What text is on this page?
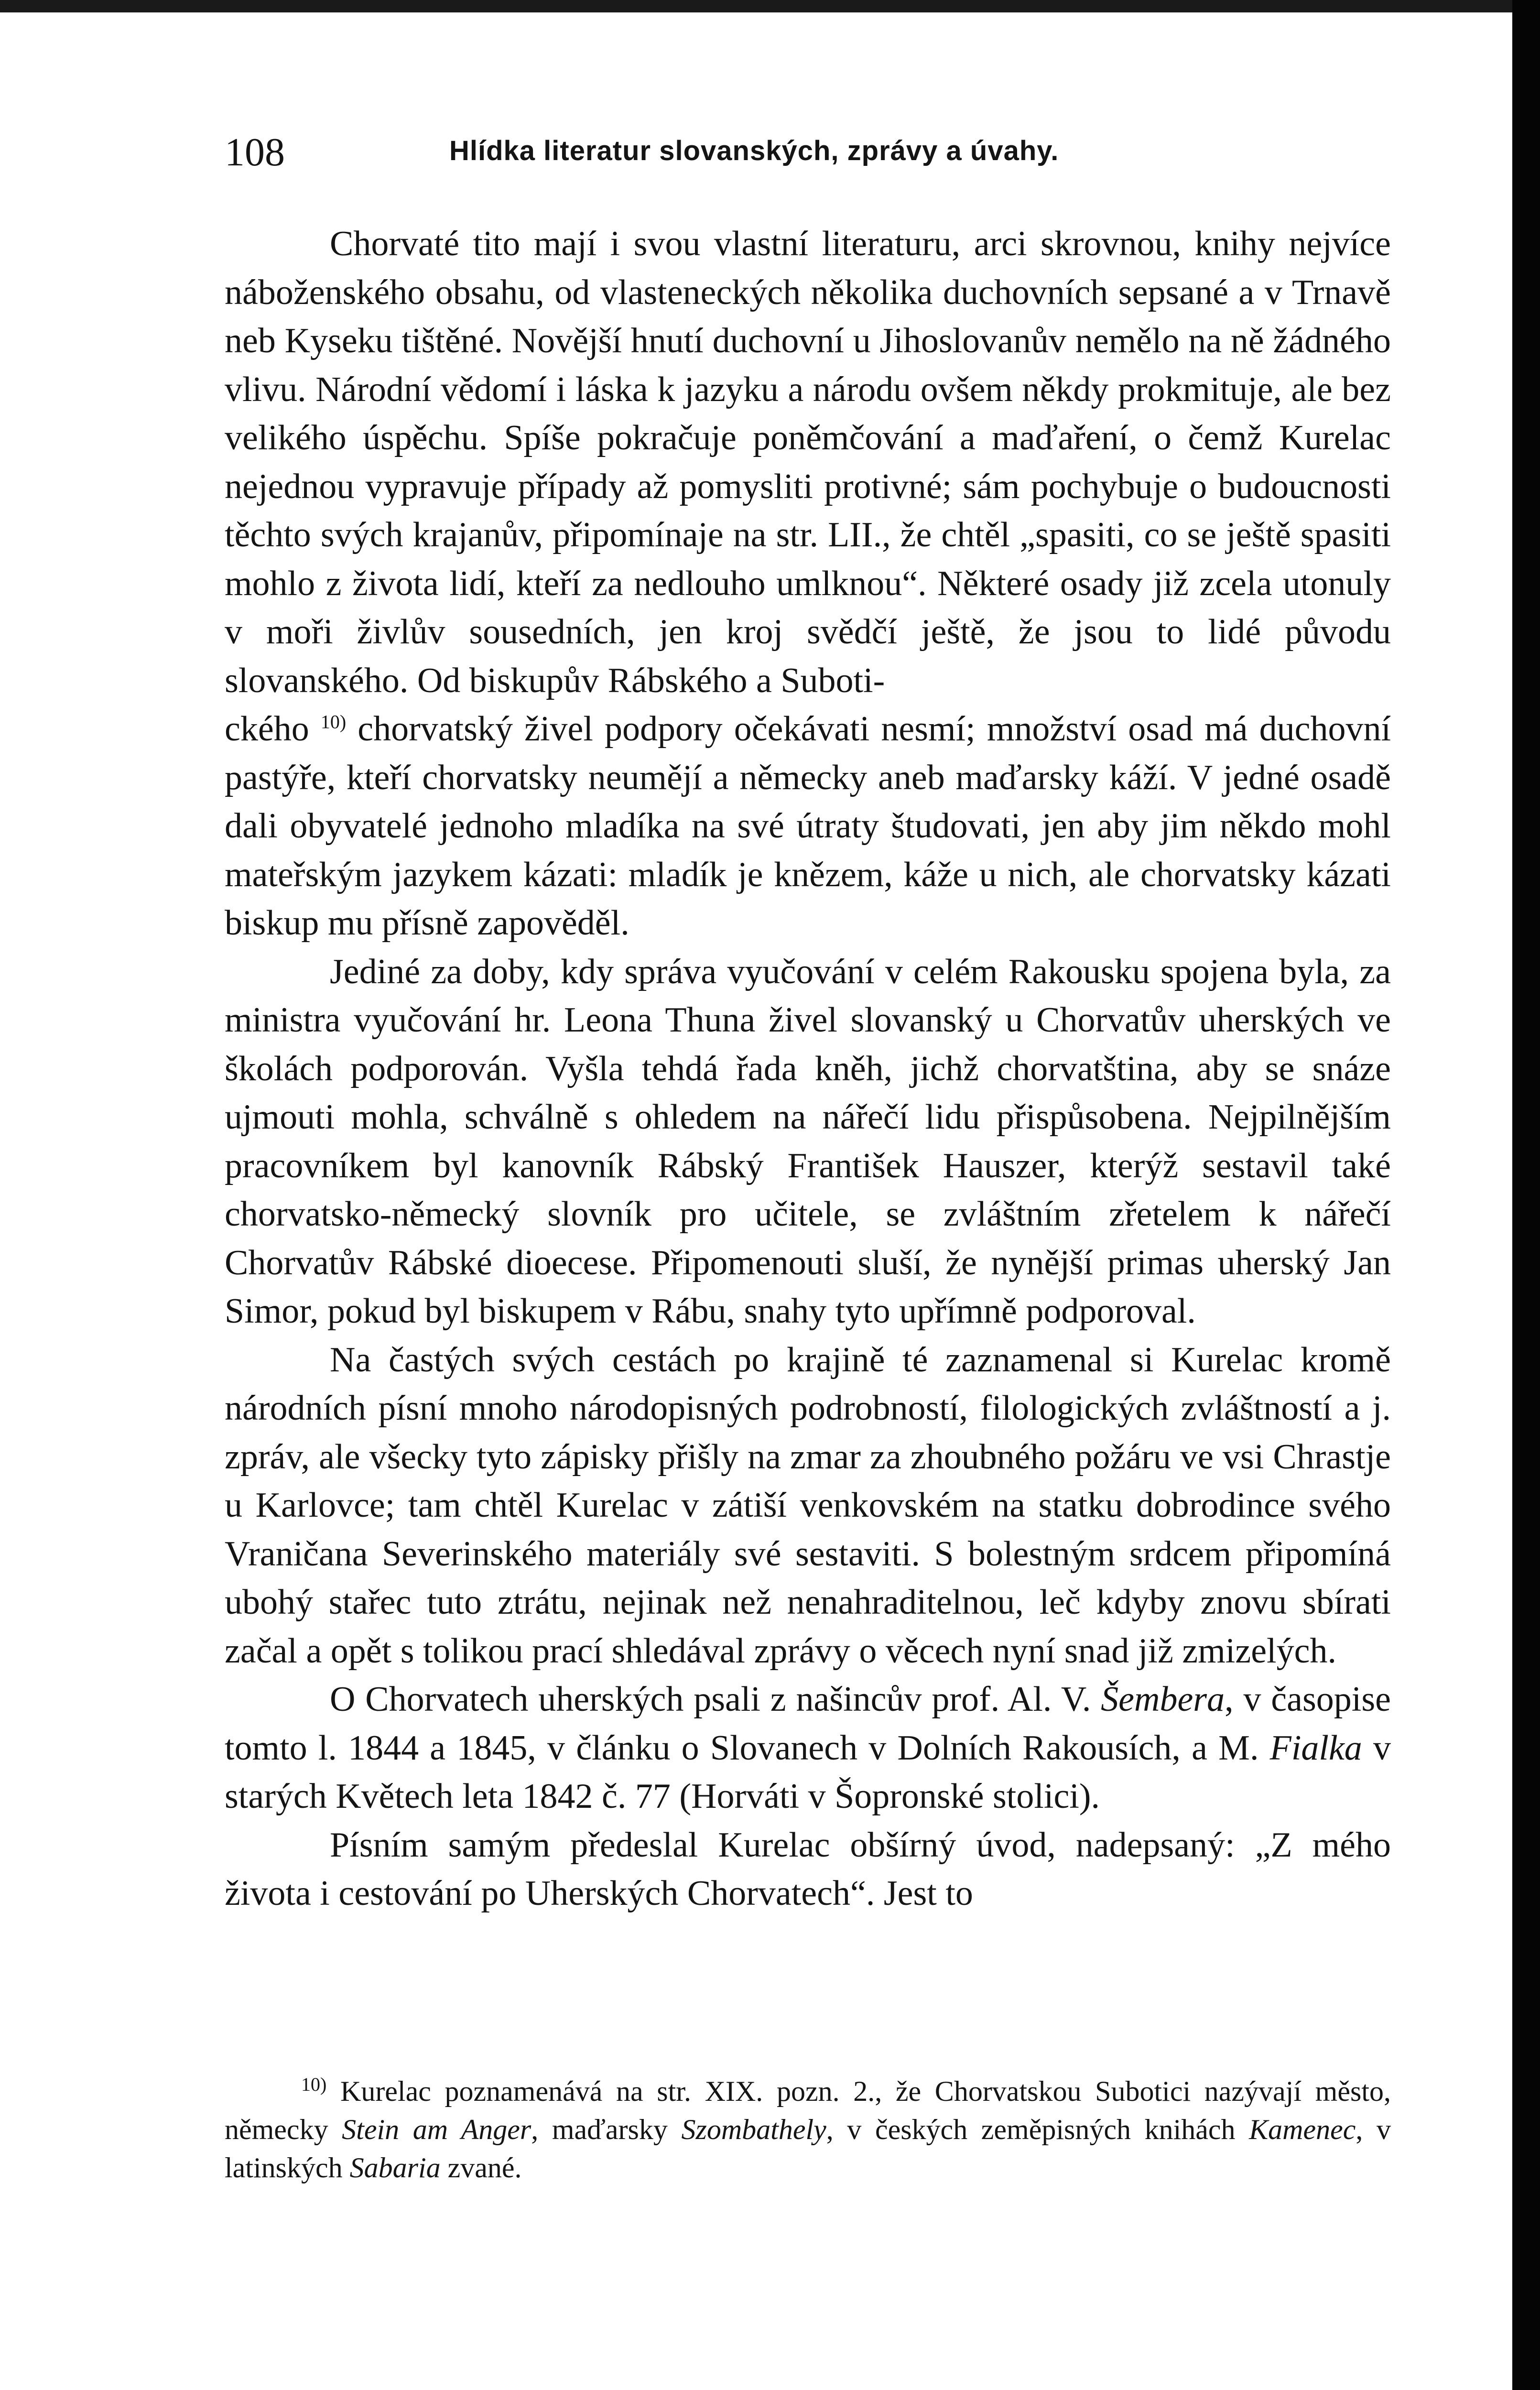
108	Hlídka literatur slovanských, zprávy a úvahy.

Chorvaté tito mají i svou vlastní literaturu, arci skrovnou, knihy nejvíce náboženského obsahu, od vlasteneckých několika duchovních sepsané a v Trnavě neb Kyseku tištěné. Novější hnutí duchovní u Jihoslovanův nemělo na ně žádného vlivu. Národní vědomí i láska k jazyku a národu ovšem někdy prokmituje, ale bez velikého úspěchu. Spíše pokračuje poněmčování a maďaření, o čemž Kurelac nejednou vypravuje případy až pomysliti protivné; sám pochybuje o budoucnosti těchto svých krajanův, připomínaje na str. LII., že chtěl „spasiti, co se ještě spasiti mohlo z života lidí, kteří za nedlouho umlknou“. Některé osady již zcela utonuly v moři živlův sousedních, jen kroj svědčí ještě, že jsou to lidé původu slovanského. Od biskupův Rábského a Suboti-
ckého $^{10)}$ chorvatský živel podpory očekávati nesmí; množství osad má duchovní pastýře, kteří chorvatsky neumějí a německy aneb maďarsky káží. V jedné osadě dali obyvatelé jednoho mladíka na své útraty študovati, jen aby jim někdo mohl mateřským jazykem kázati: mladík je knězem, káže u nich, ale chorvatsky kázati biskup mu přísně zapověděl.

Jediné za doby, kdy správa vyučování v celém Rakousku spojena byla, za ministra vyučování hr. Leona Thuna živel slovanský u Chorvatův uherských ve školách podporován. Vyšla tehdá řada kněh, jichž chorvatština, aby se snáze ujmouti mohla, schválně s ohledem na nářečí lidu přispůsobena. Nejpilnějším pracovníkem byl kanovník Rábský František Hauszer, kterýž sestavil také chorvatsko-německý slovník pro učitele, se zvláštním zřetelem k nářečí Chorvatův Rábské dioecese. Připomenouti sluší, že nynější primas uherský Jan Simor, pokud byl biskupem v Rábu, snahy tyto upřímně podporoval.

Na častých svých cestách po krajině té zaznamenal si Kurelac kromě národních písní mnoho národopisných podrobností, filologických zvláštností a j. zpráv, ale všecky tyto zápisky přišly na zmar za zhoubného požáru ve vsi Chrastje u Karlovce; tam chtěl Kurelac v zátiší venkovském na statku dobrodince svého Vraničana Severinského materiály své sestaviti. S bolestným srdcem připomíná ubohý stařec tuto ztrátu, nejinak než nenahraditelnou, leč kdyby znovu sbírati začal a opět s tolikou prací shledával zprávy o věcech nyní snad již zmizelých.

O Chorvatech uherských psali z našincův prof. Al. V. Šembera, v časopise tomto l. 1844 a 1845, v článku o Slovanech v Dolních Rakousích, a M. Fialka v starých Květech leta 1842 č. 77 (Horváti v Šopronské stolici).

Písním samým předeslal Kurelac obšírný úvod, nadepsaný: „Z mého života i cestování po Uherských Chorvatech“. Jest to

$^{10)}$ Kurelac poznamenává na str. XIX. pozn. 2., že Chorvatskou Subotici nazývají město, německy Stein am Anger, maďarsky Szombathely, v českých zeměpisných knihách Kamenec, v latinských Sabaria zvané.
